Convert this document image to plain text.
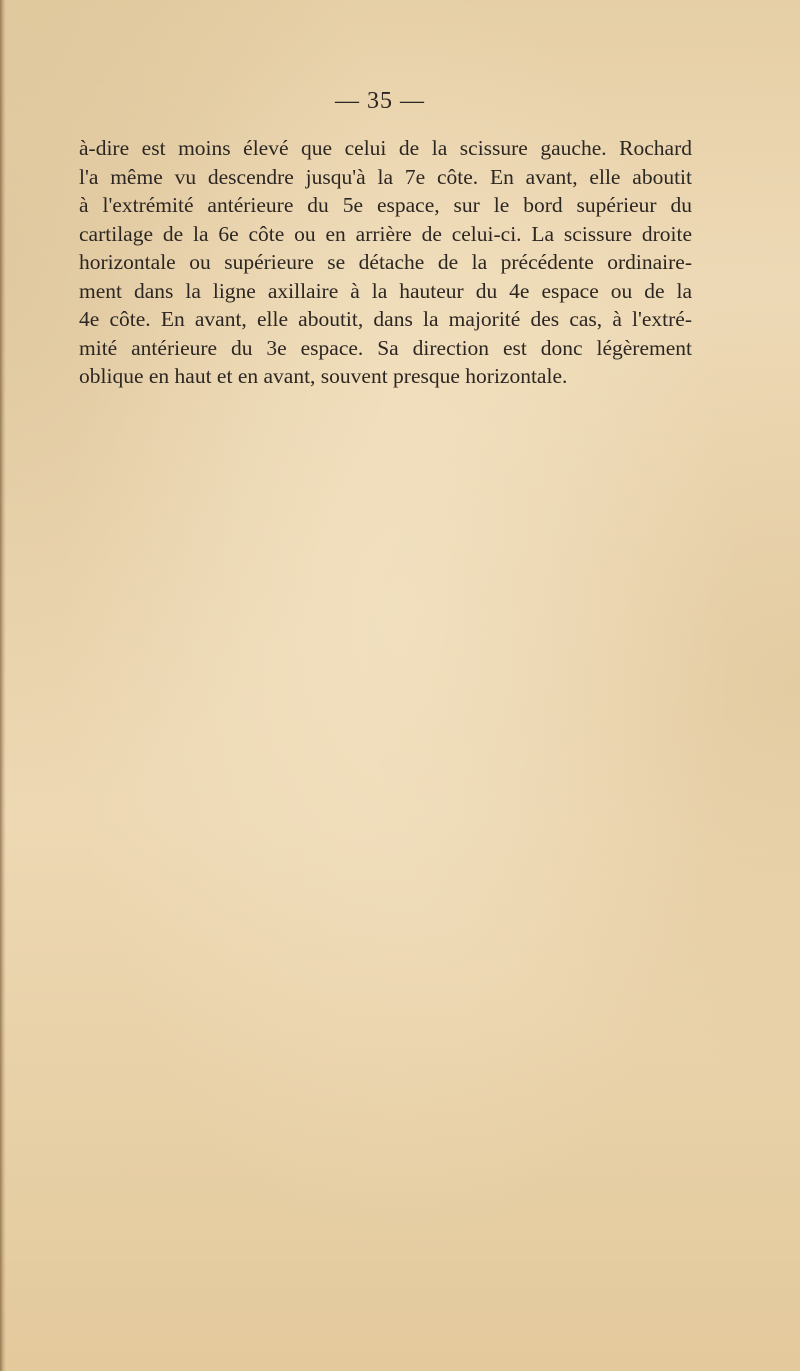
— 35 —
à-dire est moins élevé que celui de la scissure gauche. Rochard
l'a même vu descendre jusqu'à la 7e côte. En avant, elle aboutit
à l'extrémité antérieure du 5e espace, sur le bord supérieur du
cartilage de la 6e côte ou en arrière de celui-ci. La scissure droite
horizontale ou supérieure se détache de la précédente ordinaire-
ment dans la ligne axillaire à la hauteur du 4e espace ou de la
4e côte. En avant, elle aboutit, dans la majorité des cas, à l'extré-
mité antérieure du 3e espace. Sa direction est donc légèrement
oblique en haut et en avant, souvent presque horizontale.
